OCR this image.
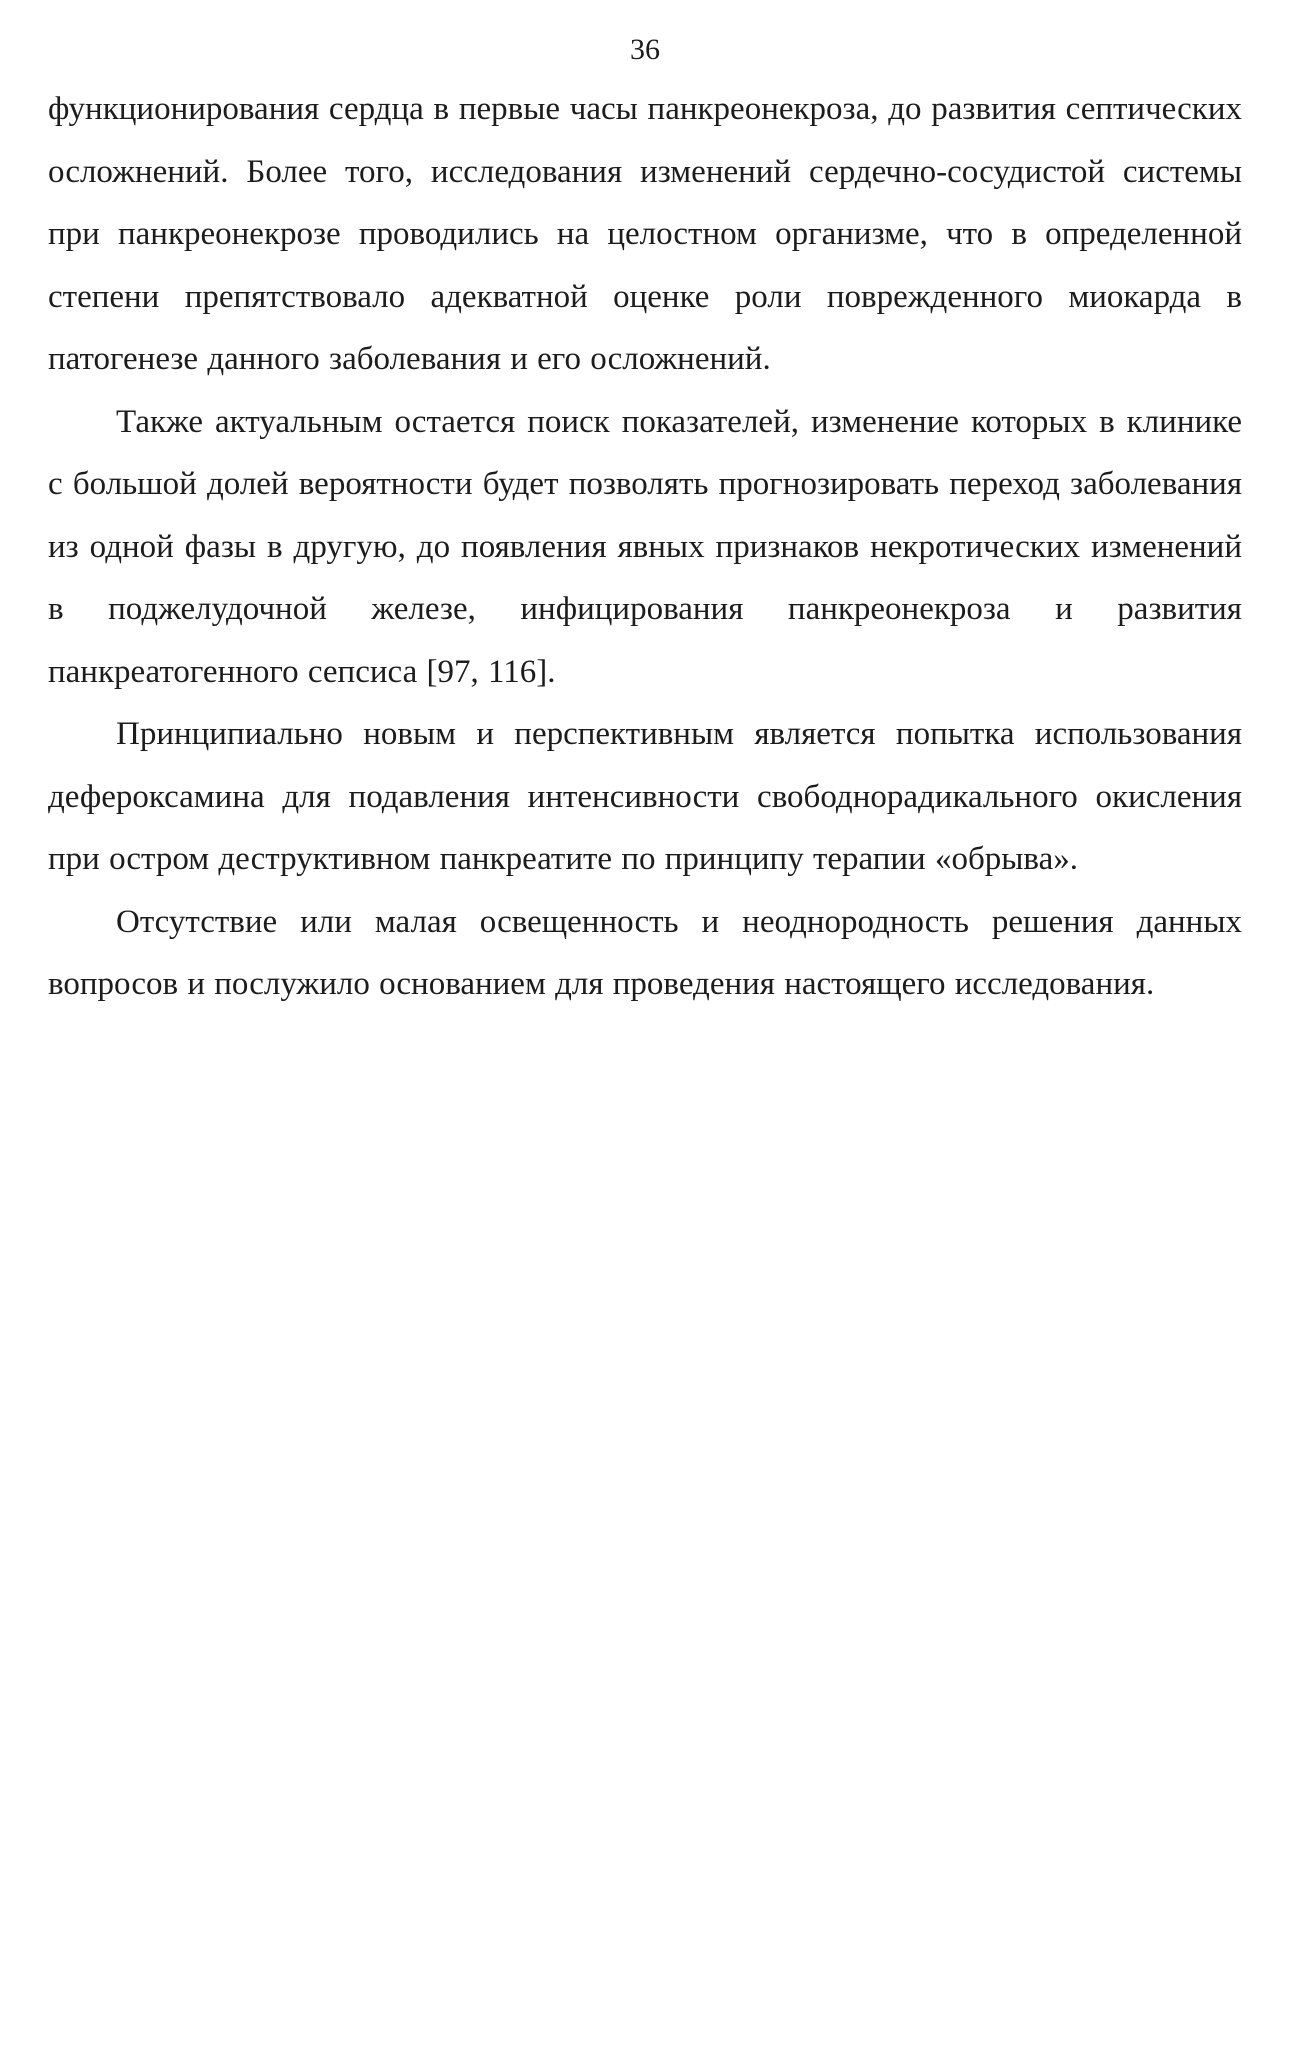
36

функционирования сердца в первые часы панкреонекроза, до развития септических осложнений. Более того, исследования изменений сердечно-сосудистой системы при панкреонекрозе проводились на целостном организме, что в определенной степени препятствовало адекватной оценке роли поврежденного миокарда в патогенезе данного заболевания и его осложнений.

Также актуальным остается поиск показателей, изменение которых в клинике с большой долей вероятности будет позволять прогнозировать переход заболевания из одной фазы в другую, до появления явных признаков некротических изменений в поджелудочной железе, инфицирования панкреонекроза и развития панкреатогенного сепсиса [97, 116].

Принципиально новым и перспективным является попытка использования дефероксамина для подавления интенсивности свободнорадикального окисления при остром деструктивном панкреатите по принципу терапии «обрыва».

Отсутствие или малая освещенность и неоднородность решения данных вопросов и послужило основанием для проведения настоящего исследования.
